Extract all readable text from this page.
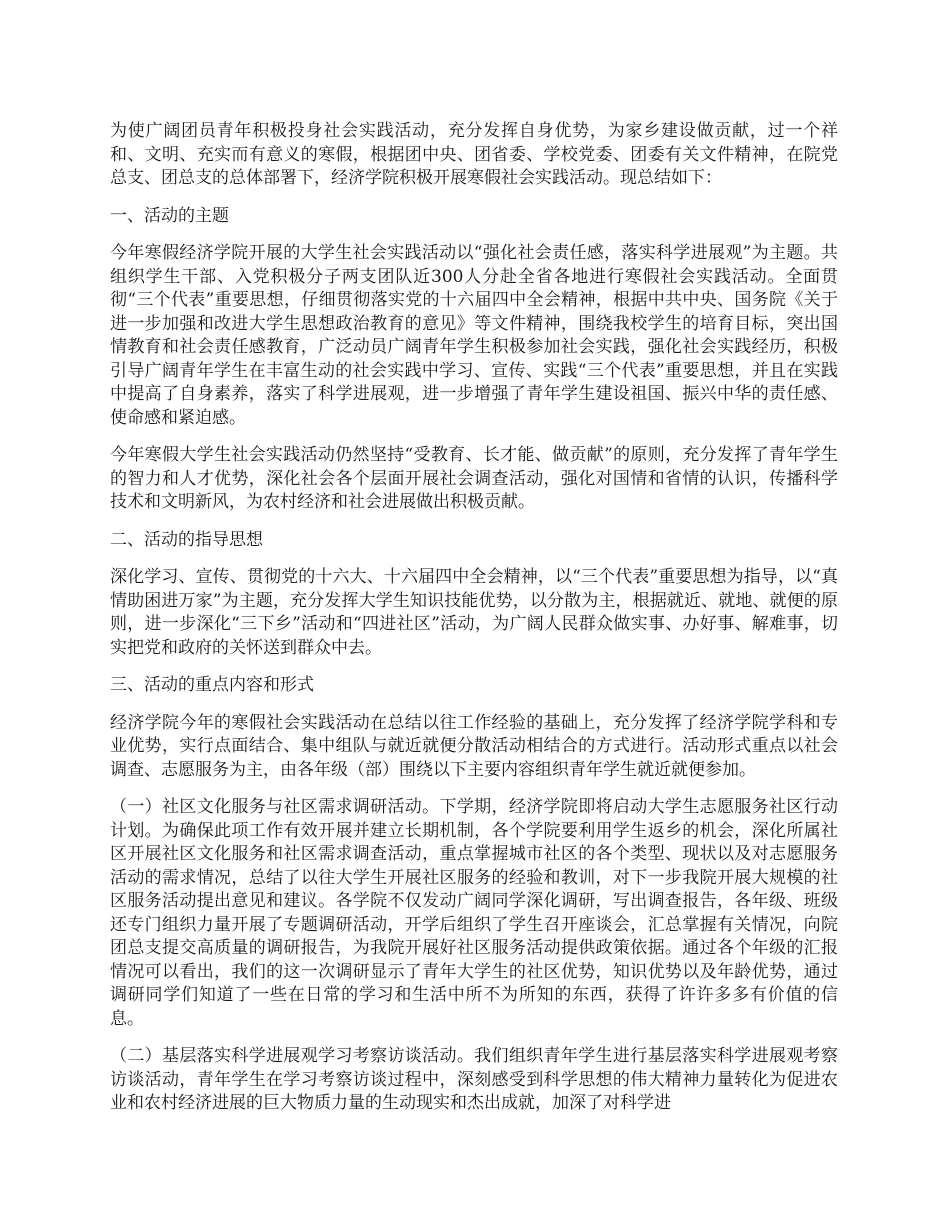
为使广阔团员青年积极投身社会实践活动，充分发挥自身优势，为家乡建设做贡献，过一个祥和、文明、充实而有意义的寒假，根据团中央、团省委、学校党委、团委有关文件精神，在院党总支、团总支的总体部署下，经济学院积极开展寒假社会实践活动。现总结如下：

一、活动的主题

今年寒假经济学院开展的大学生社会实践活动以“强化社会责任感，落实科学进展观”为主题。共组织学生干部、入党积极分子两支团队近300人分赴全省各地进行寒假社会实践活动。全面贯彻“三个代表”重要思想，仔细贯彻落实党的十六届四中全会精神，根据中共中央、国务院《关于进一步加强和改进大学生思想政治教育的意见》等文件精神，围绕我校学生的培育目标，突出国情教育和社会责任感教育，广泛动员广阔青年学生积极参加社会实践，强化社会实践经历，积极引导广阔青年学生在丰富生动的社会实践中学习、宣传、实践“三个代表”重要思想，并且在实践中提高了自身素养，落实了科学进展观，进一步增强了青年学生建设祖国、振兴中华的责任感、使命感和紧迫感。

今年寒假大学生社会实践活动仍然坚持“受教育、长才能、做贡献”的原则，充分发挥了青年学生的智力和人才优势，深化社会各个层面开展社会调查活动，强化对国情和省情的认识，传播科学技术和文明新风，为农村经济和社会进展做出积极贡献。

二、活动的指导思想

深化学习、宣传、贯彻党的十六大、十六届四中全会精神，以“三个代表”重要思想为指导，以“真情助困进万家”为主题，充分发挥大学生知识技能优势，以分散为主，根据就近、就地、就便的原则，进一步深化“三下乡”活动和“四进社区”活动，为广阔人民群众做实事、办好事、解难事，切实把党和政府的关怀送到群众中去。

三、活动的重点内容和形式

经济学院今年的寒假社会实践活动在总结以往工作经验的基础上，充分发挥了经济学院学科和专业优势，实行点面结合、集中组队与就近就便分散活动相结合的方式进行。活动形式重点以社会调查、志愿服务为主，由各年级（部）围绕以下主要内容组织青年学生就近就便参加。

（一）社区文化服务与社区需求调研活动。下学期，经济学院即将启动大学生志愿服务社区行动计划。为确保此项工作有效开展并建立长期机制，各个学院要利用学生返乡的机会，深化所属社区开展社区文化服务和社区需求调查活动，重点掌握城市社区的各个类型、现状以及对志愿服务活动的需求情况，总结了以往大学生开展社区服务的经验和教训，对下一步我院开展大规模的社区服务活动提出意见和建议。各学院不仅发动广阔同学深化调研，写出调查报告，各年级、班级还专门组织力量开展了专题调研活动，开学后组织了学生召开座谈会，汇总掌握有关情况，向院团总支提交高质量的调研报告，为我院开展好社区服务活动提供政策依据。通过各个年级的汇报情况可以看出，我们的这一次调研显示了青年大学生的社区优势，知识优势以及年龄优势，通过调研同学们知道了一些在日常的学习和生活中所不为所知的东西，获得了许许多多有价值的信息。

（二）基层落实科学进展观学习考察访谈活动。我们组织青年学生进行基层落实科学进展观考察访谈活动，青年学生在学习考察访谈过程中，深刻感受到科学思想的伟大精神力量转化为促进农业和农村经济进展的巨大物质力量的生动现实和杰出成就，加深了对科学进
